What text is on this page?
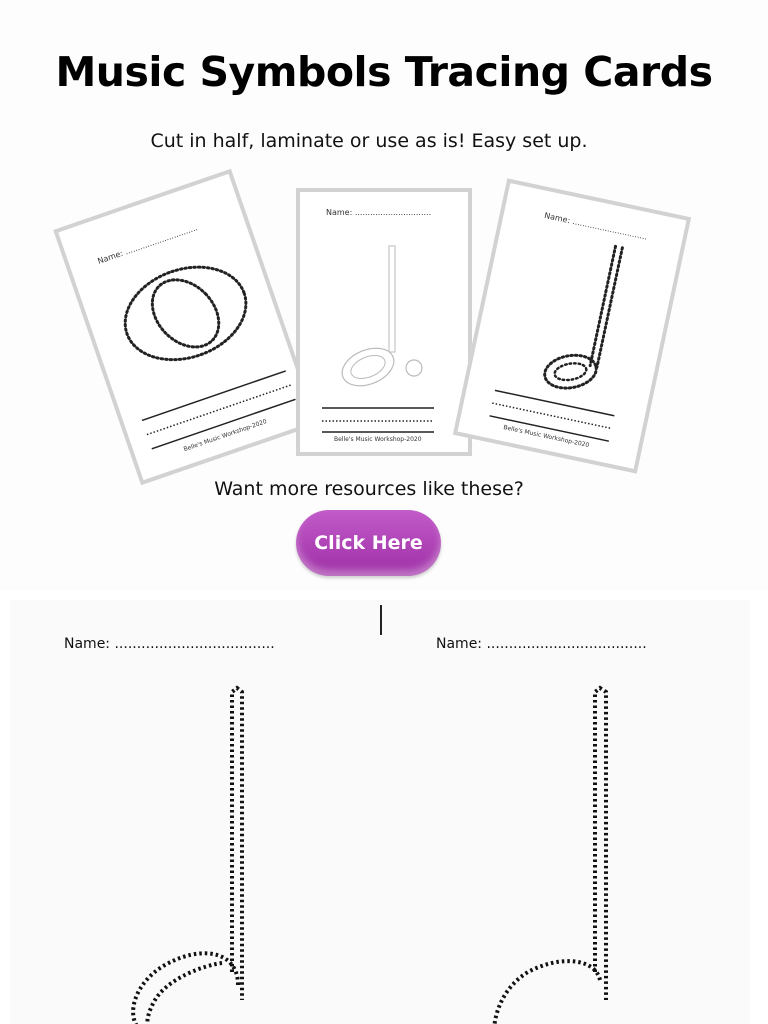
Music Symbols Tracing Cards
Cut in half, laminate or use as is! Easy set up.
Name: ..............................
Belle's Music Workshop-2020
Name: ..............................
Belle's Music Workshop-2020
Name: ..............................
Belle's Music Workshop-2020
Want more resources like these?
Click Here
Name: ....................................	Name: ....................................
